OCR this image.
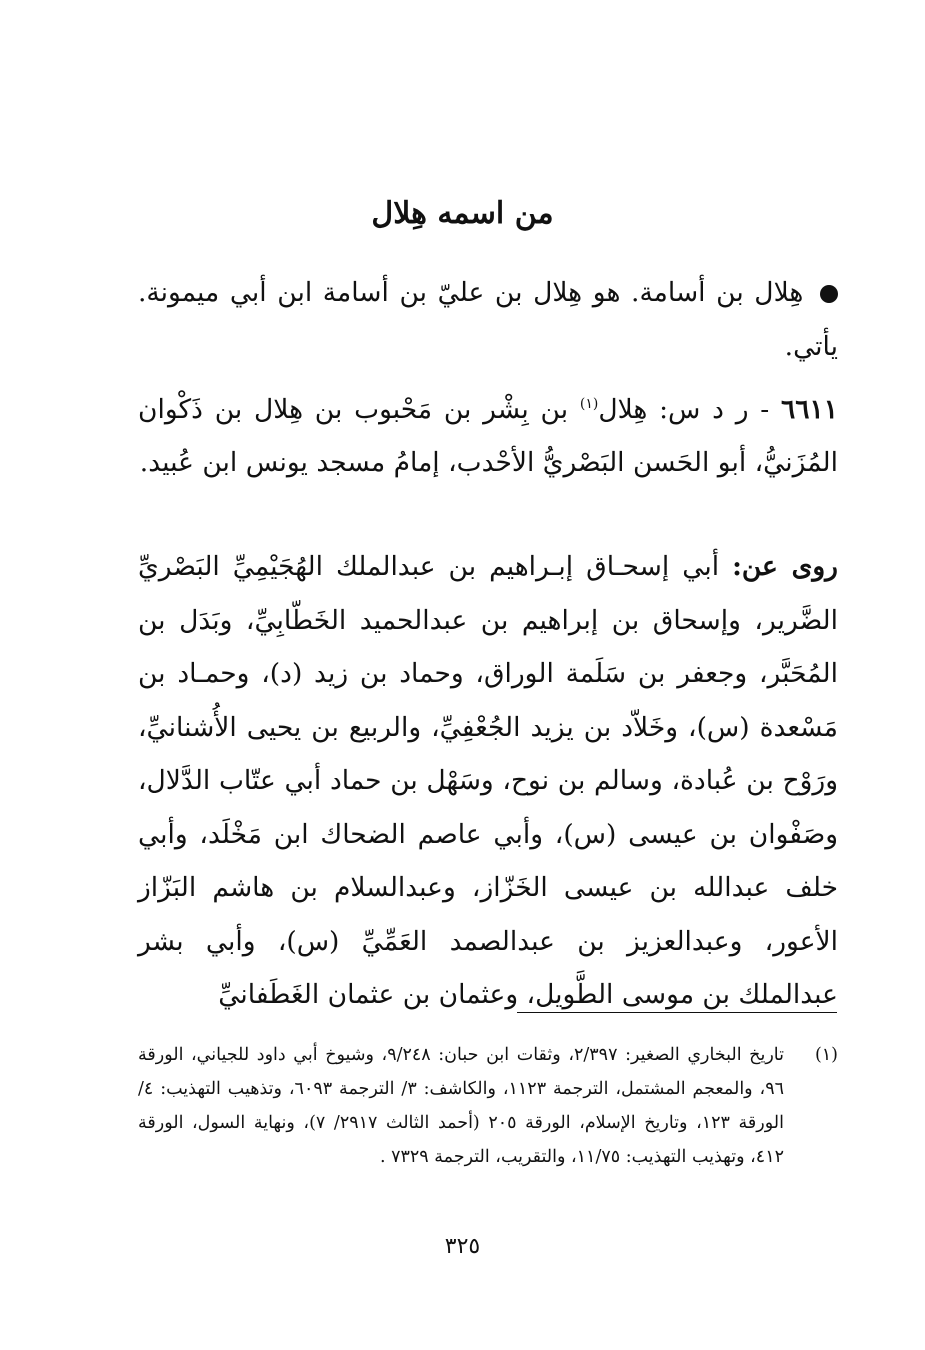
من اسمه هِلال
هِلال بن أسامة. هو هِلال بن عليّ بن أسامة ابن أبي ميمونة. يأتي.
٦٦١١ - ر د س: هِلال$^{(١)}$ بن بِشْر بن مَحْبوب بن هِلال بن ذَكْوان المُزَنيُّ، أبو الحَسن البَصْريُّ الأحْدب، إمامُ مسجد يونس ابن عُبيد.
روى عن: أبي إسحـاق إبـراهيم بن عبدالملك الهُجَيْمِيِّ البَصْريِّ الضَّرير، وإسحاق بن إبراهيم بن عبدالحميد الخَطّابِيِّ، وبَدَل بن المُحَبَّر، وجعفر بن سَلَمة الوراق، وحماد بن زيد (د)، وحمـاد بن مَسْعدة (س)، وخَلاّد بن يزيد الجُعْفِيِّ، والربيع بن يحيى الأُشنانيِّ، ورَوْح بن عُبادة، وسالم بن نوح، وسَهْل بن حماد أبي عتّاب الدَّلال، وصَفْوان بن عيسى (س)، وأبي عاصم الضحاك ابن مَخْلَد، وأبي خلف عبدالله بن عيسى الخَزّاز، وعبدالسلام بن هاشم البَزّاز الأعور، وعبدالعزيز بن عبدالصمد العَمِّيِّ (س)، وأبي بشر عبدالملك بن موسى الطَّويل، وعثمان بن عثمان الغَطَفانيِّ
(١)
تاريخ البخاري الصغير: ٢/٣٩٧، وثقات ابن حبان: ٩/٢٤٨، وشيوخ أبي داود للجياني، الورقة ٩٦، والمعجم المشتمل، الترجمة ١١٢٣، والكاشف: ٣/ الترجمة ٦٠٩٣، وتذهيب التهذيب: ٤/ الورقة ١٢٣، وتاريخ الإسلام، الورقة ٢٠٥ (أحمد الثالث ٢٩١٧/ ٧)، ونهاية السول، الورقة ٤١٢، وتهذيب التهذيب: ١١/٧٥، والتقريب، الترجمة ٧٣٢٩ .
٣٢٥
